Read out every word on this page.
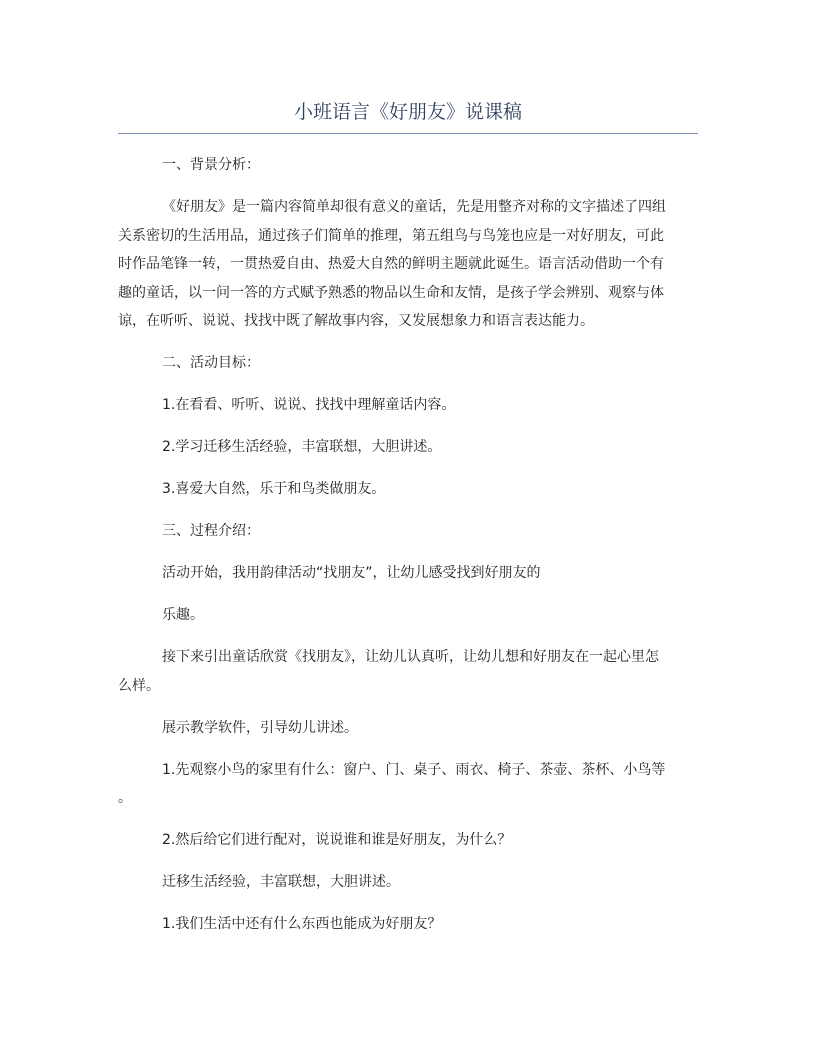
小班语言《好朋友》说课稿
一、背景分析：
《好朋友》是一篇内容简单却很有意义的童话，先是用整齐对称的文字描述了四组
关系密切的生活用品，通过孩子们简单的推理，第五组鸟与鸟笼也应是一对好朋友，可此
时作品笔锋一转，一贯热爱自由、热爱大自然的鲜明主题就此诞生。语言活动借助一个有
趣的童话，以一问一答的方式赋予熟悉的物品以生命和友情，是孩子学会辨别、观察与体
谅，在听听、说说、找找中既了解故事内容，又发展想象力和语言表达能力。
二、活动目标：
1.在看看、听听、说说、找找中理解童话内容。
2.学习迁移生活经验，丰富联想，大胆讲述。
3.喜爱大自然，乐于和鸟类做朋友。
三、过程介绍：
活动开始，我用韵律活动“找朋友”，让幼儿感受找到好朋友的
乐趣。
接下来引出童话欣赏《找朋友》，让幼儿认真听，让幼儿想和好朋友在一起心里怎
么样。
展示教学软件，引导幼儿讲述。
1.先观察小鸟的家里有什么：窗户、门、桌子、雨衣、椅子、茶壶、茶杯、小鸟等
。
2.然后给它们进行配对，说说谁和谁是好朋友，为什么？
迁移生活经验，丰富联想，大胆讲述。
1.我们生活中还有什么东西也能成为好朋友？
